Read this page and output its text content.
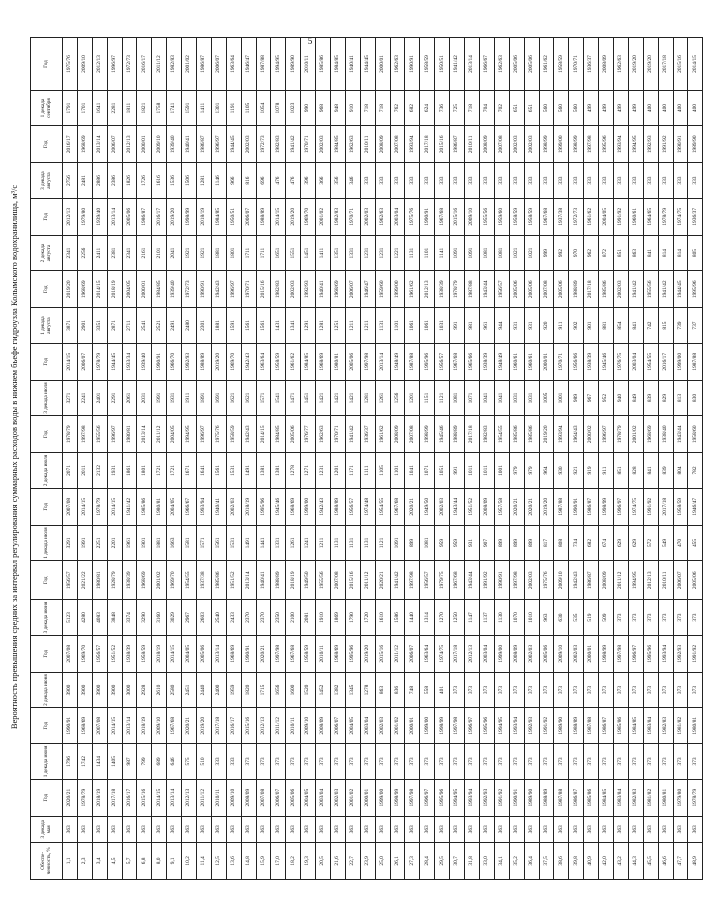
5
Вероятность превышения средних за интервал регулирования суммарных расходов воды в нижнем бьефе гидроузла Колымского водохранилища, м³/с
Обеспе-ченность, %	3 декада мая	Год	1 декада июня	Год	2 декада июня	Год	3 декада июня	Год	1 декада июля	Год	2 декада июля	Год	3 декада июля	Год	1 декада августа	Год	2 декада августа	Год	3 декада августа	Год	1 декада сентября	Год
1,1	363	2020/21	1796	1990/91	3900	2007/08	5123	1956/57	3291	2007/08	2071	1978/79	3271	2014/15	3871	2019/20	2341	2012/13	2756	2016/17	1791	1975/76
2,3	363	1978/79	1742	1968/69	3900	1969/70	4280	2021/22	1991	2014/15	2011	1997/98	2241	2006/07	2901	1968/69	2256	1979/80	2481	1968/69	1701	2009/10
3,4	363	2018/19	1434	2007/08	3900	1956/57	4083	1980/81	2251	1978/79	2132	1955/56	2401	1978/79	3351	2014/15	2411	1939/40	2886	2013/14	1641	2012/13
4,5	363	2017/18	1405	2014/15	3900	1951/52	3848	1928/79	2201	2014/15	1931	1996/97	2291	1944/45	2871	2018/19	2381	2013/14	2386	2006/07	2281	1996/97
5,7	363	2016/17	987	2013/14	3000	1938/39	3374	1938/39	1961	1941/42	1861	1980/81	2061	1933/34	2711	2004/05	2341	2005/06	1826	2012/13	1811	1972/73
6,8	363	2015/16	799	2018/19	2928	1958/59	3290	1968/69	1901	1985/86	1801	2013/14	2031	1939/40	2541	2000/01	2161	1986/87	1726	2000/01	1821	2016/17
8,0	363	2014/15	689	2009/10	2610	2018/19	3160	2001/02	1881	1980/81	1721	2011/12	1991	1990/91	2521	1984/85	2101	2016/17	1616	2009/10	1758	2011/12
9,1	363	2013/14	646	1967/68	2580	2014/15	3029	1969/70	1663	2004/05	1721	2004/05	1931	1966/70	2491	1939/40	2041	2019/20	1536	1939/40	1741	1982/83
10,2	363	2012/13	575	2020/21	2451	2004/05	2967	1954/55	1581	1966/67	1671	1994/95	1911	1992/93	2480	1972/73	1921	1998/99	1506	1940/41	1591	2001/02
11,4	363	2011/12	510	2019/20	2440	2005/06	2603	1937/38	1571	1993/94	1641	1996/97	1891	1988/89	2301	1990/91	1921	2018/19	1281	1986/87	1411	1986/87
12,5	363	2010/11	333	2017/18	2400	2013/14	2540	1985/86	1561	1940/41	1561	1975/76	1691	2019/20	1881	1942/43	1881	1984/85	1146	1996/97	1301	2006/07
13,6	363	2009/10	333	2016/17	1959	1968/69	2433	1951/52	1531	2002/03	1531	1958/59	1621	1969/70	1591	1996/97	1801	1950/51	966	1944/45	1191	1963/64
14,8	363	2008/09	373	2015/16	1820	1990/91	2370	2013/14	1491	2018/19	1491	1942/43	1621	1942/43	1561	1970/71	1711	2006/07	816	2002/03	1105	1946/47
15,9	363	2007/08	373	2012/13	1715	2020/21	2370	1940/41	1441	1995/96	1381	2014/15	1571	1963/64	1561	2015/16	1711	1988/89	696	1972/73	1054	1987/88
17,0	363	2006/07	373	2011/12	1656	1997/98	2350	1988/89	1331	1945/46	1381	1984/85	1541	1958/59	1431	1982/83	1651	2014/15	476	1982/83	1078	1994/95
18,2	363	2005/06	373	2010/11	1600	1967/68	2100	2018/19	1261	1968/69	1278	2005/06	1471	1961/62	1341	2002/03	1551	2019/20	476	1941/42	1023	1989/90
19,3	363	2004/05	373	2009/10	1520	1958/59	2081	1949/50	1241	1999/00	1271	1976/77	1451	1984/85	1291	1992/93	1451	1969/70	396	1970/71	990	2010/11
20,5	363	2003/04	373	2008/09	1452	2010/11	1910	1955/56	1211	1942/43	1231	1962/63	1421	1968/69	1281	1940/41	1411	2001/02	366	2002/03	968	1985/86
21,6	363	2002/03	373	2006/07	1382	1968/69	1869	2007/08	1131	1988/89	1201	1970/71	1421	1980/81	1251	1968/69	1351	1982/83	356	1984/85	948	1984/85
22,7	363	2001/02	373	2004/05	1345	1995/96	1790	2015/16	1131	1956/57	1171	1941/42	1421	2005/06	1211	2006/07	1331	1970/71	346	1962/63	910	1940/41
23,9	363	2000/01	373	2003/04	1278	2019/20	1720	2011/12	1131	1974/48	1111	1936/37	1281	1997/98	1211	1946/47	1231	2002/03	333	2010/11	718	1944/45
25,0	363	1999/00	373	2002/03	863	2015/16	1610	2020/21	1121	1954/55	1105	1961/62	1261	2013/14	1131	1959/60	1231	1962/63	333	2008/09	718	2000/01
26,1	363	1998/99	373	2001/02	836	2011/12	1586	1941/42	1091	1967/68	1101	2008/09	1256	1948/49	1101	1999/00	1221	2003/04	333	2007/08	762	1962/63
27,3	363	1997/98	373	2000/01	748	2006/07	1440	1997/98	899	2020/21	1041	2007/08	1201	1987/88	1061	1961/62	1131	1975/76	333	1993/94	682	1990/91
28,4	363	1996/97	373	1999/00	558	1963/64	1314	1956/57	1081	1949/50	1071	1998/99	1151	1995/96	1061	2012/13	1101	1990/91	333	2017/18	624	1958/59
29,5	363	1995/96	373	1998/99	401	1974/75	1270	1979/75	959	2002/03	1051	1945/46	1121	1956/57	1031	1938/39	1141	1967/68	333	2015/16	736	1950/51
30,7	363	1994/95	373	1997/98	373	2017/18	1250	1967/68	959	1943/44	991	1988/89	1081	1967/68	991	1978/79	1091	2015/16	333	1986/87	725	1941/42
31,8	363	1993/94	373	1996/97	373	2012/13	1147	1943/44	931	1951/52	1011	2017/18	1071	1965/66	981	1987/88	1091	2009/10	333	2010/11	718	2013/14
33,0	363	1992/93	373	1995/96	373	2003/04	1137	1991/92	907	2008/09	1011	1982/83	1041	1938/39	961	1943/44	1081	1955/56	333	2008/09	704	1966/67
34,1	363	1991/92	373	1994/95	373	1999/00	1130	1990/91	899	1957/58	1001	1954/55	1041	1948/49	944	1956/57	1081	1959/60	333	2007/08	702	1962/63
35,2	363	1990/91	373	1993/94	373	2008/09	1070	1997/98	899	2020/21	979	1985/86	1031	1960/61	931	2005/06	1021	1958/59	333	2002/03	651	2005/06
36,4	363	1989/90	373	1992/93	373	2002/03	1010	2002/03	899	2020/21	979	1985/86	1031	1960/61	931	2005/06	1021	1958/59	333	2002/03	651	2005/06
37,5	363	1988/89	373	1991/92	373	2005/06	963	1975/76	817	2019/20	964	2019/20	1005	2000/01	920	2007/08	999	1967/68	333	1998/99	560	1961/62
38,6	363	1987/88	373	1989/90	373	2009/10	630	2009/10	808	1987/88	930	1993/94	1001	1970/71	911	2005/06	992	1937/38	333	1999/00	560	1958/59
39,8	363	1986/87	373	1988/89	373	2002/03	535	1942/43	734	1990/91	921	1964/43	989	1956/66	902	1988/89	970	1972/73	333	1998/99	560	1970/71
40,9	363	1985/86	373	1987/88	373	2000/01	519	1986/87	682	1986/87	919	2000/02	967	1938/39	901	2017/18	962	1961/62	333	1997/98	499	1936/37
42,0	363	1984/85	373	1986/87	373	1998/99	509	2008/09	674	1998/99	911	1996/97	952	1945/46	881	1985/86	872	2004/05	333	1995/96	499	2008/09
43,2	363	1983/84	373	1985/86	373	1997/98	373	2011/12	629	1996/97	851	1978/79	940	1976/75	854	2002/03	851	1991/92	333	1993/94	499	1962/63
44,3	363	1982/83	373	1984/85	373	1996/97	373	1994/95	629	1974/75	828	2001/02	849	2003/04	841	1941/42	863	1960/61	333	1994/95	499	2019/20
45,5	363	1981/82	373	1983/84	373	1995/96	373	2012/13	572	1991/92	841	1968/69	839	1954/55	742	1955/56	841	1964/65	333	1992/93	400	2019/20
46,6	363	1980/81	373	1982/83	373	1993/94	373	2010/11	549	2017/18	839	1938/40	829	2016/17	815	1941/42	814	1978/79	333	1991/92	400	2017/18
47,7	363	1979/80	373	1981/82	373	1992/93	373	2006/07	470	1958/59	804	1943/44	813	1999/00	739	1944/45	814	1974/75	333	1990/91	400	2015/16
48,9	363	1978/79	373	1980/81	373	1991/92	373	2005/06	455	1946/47	782	1958/60	830	1987/88	737	1995/96	805	1936/37	333	1989/90	400	2014/15
